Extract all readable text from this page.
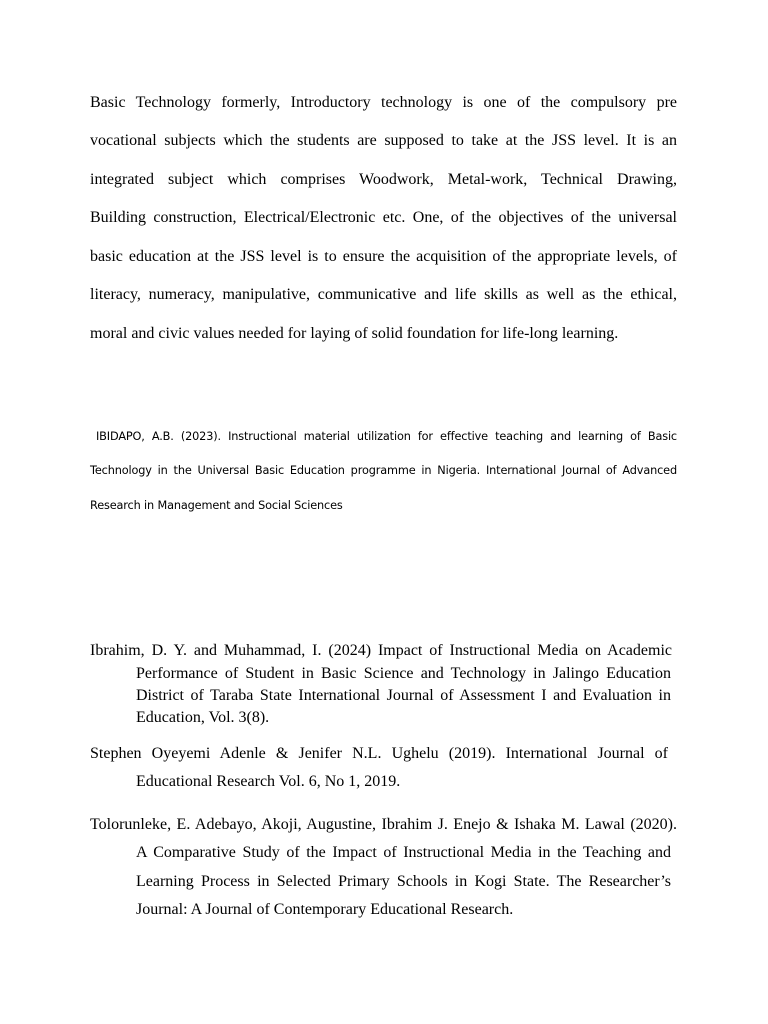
Basic Technology formerly, Introductory technology is one of the compulsory pre
vocational subjects which the students are supposed to take at the JSS level. It is an
integrated subject which comprises Woodwork, Metal-work, Technical Drawing,
Building construction, Electrical/Electronic etc. One, of the objectives of the universal
basic education at the JSS level is to ensure the acquisition of the appropriate levels, of
literacy, numeracy, manipulative, communicative and life skills as well as the ethical,
moral and civic values needed for laying of solid foundation for life-long learning.
IBIDAPO, A.B. (2023). Instructional material utilization for effective teaching and learning of Basic
Technology in the Universal Basic Education programme in Nigeria. International Journal of Advanced
Research in Management and Social Sciences
Ibrahim, D. Y. and Muhammad, I. (2024) Impact of Instructional Media on Academic
Performance of Student in Basic Science and Technology in Jalingo Education
District of Taraba State International Journal of Assessment I and Evaluation in
Education, Vol. 3(8).
Stephen Oyeyemi Adenle & Jenifer N.L. Ughelu (2019). International Journal of
Educational Research Vol. 6, No 1, 2019.
Tolorunleke, E. Adebayo, Akoji, Augustine, Ibrahim J. Enejo & Ishaka M. Lawal (2020).
A Comparative Study of the Impact of Instructional Media in the Teaching and
Learning Process in Selected Primary Schools in Kogi State. The Researcher’s
Journal: A Journal of Contemporary Educational Research.
